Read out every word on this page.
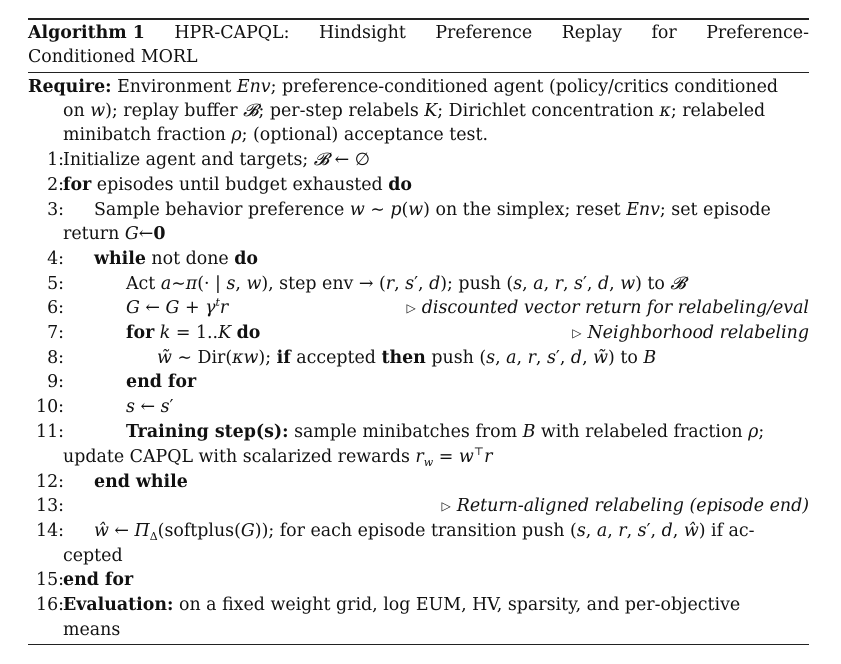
Algorithm 1 HPR-CAPQL: Hindsight Preference Replay for Preference-
Conditioned MORL
Require: Environment Env; preference-conditioned agent (policy/critics conditioned
on w); replay buffer 𝓑; per-step relabels K; Dirichlet concentration κ; relabeled
minibatch fraction ρ; (optional) acceptance test.
1: Initialize agent and targets; 𝓑 ← ∅
2: for episodes until budget exhausted do
3: Sample behavior preference w ∼ p(w) on the simplex; reset Env; set episode
return G←0
4: while not done do
5:	Act a∼π(· | s, w), step env → (r, s′, d); push (s, a, r, s′, d, w) to 𝓑
6:	G ← $G + \gamma^tr$	▷ discounted vector return for relabeling/eval
7:	for k = 1..K do	▷ Neighborhood relabeling
8:	w̃ ∼ Dir(κw); if accepted then push (s, a, r, s′, d, w̃) to B
9:	end for
10:	s ← s′
11:	Training step(s): sample minibatches from B with relabeled fraction ρ;
update CAPQL with scalarized rewards $r_w = w^⊤r$
12: end while
13:	▷ Return-aligned relabeling (episode end)
14: ŵ ← $\Pi_\Delta(softplus(G))$; for each episode transition push (s, a, r, s′, d, ŵ) if ac-
cepted
15: end for
16: Evaluation: on a fixed weight grid, log EUM, HV, sparsity, and per-objective
means
